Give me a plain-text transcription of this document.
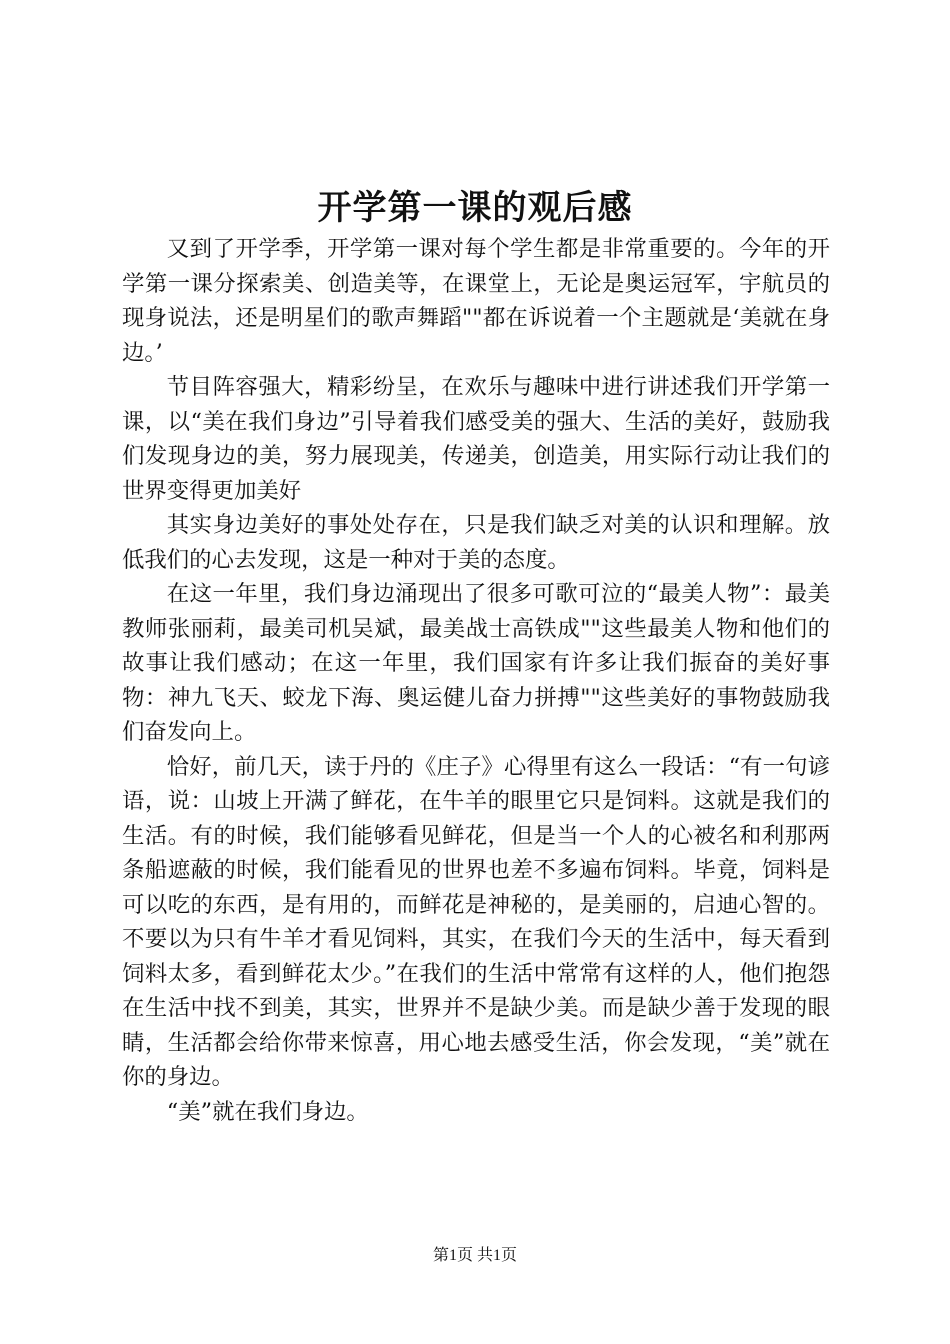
开学第一课的观后感

又到了开学季，开学第一课对每个学生都是非常重要的。今年的开学第一课分探索美、创造美等，在课堂上，无论是奥运冠军，宇航员的现身说法，还是明星们的歌声舞蹈""都在诉说着一个主题就是‘美就在身边。’

节目阵容强大，精彩纷呈，在欢乐与趣味中进行讲述我们开学第一课，以“美在我们身边”引导着我们感受美的强大、生活的美好，鼓励我们发现身边的美，努力展现美，传递美，创造美，用实际行动让我们的世界变得更加美好

其实身边美好的事处处存在，只是我们缺乏对美的认识和理解。放低我们的心去发现，这是一种对于美的态度。

在这一年里，我们身边涌现出了很多可歌可泣的“最美人物”：最美教师张丽莉，最美司机吴斌，最美战士高铁成""这些最美人物和他们的故事让我们感动；在这一年里，我们国家有许多让我们振奋的美好事物：神九飞天、蛟龙下海、奥运健儿奋力拼搏""这些美好的事物鼓励我们奋发向上。

恰好，前几天，读于丹的《庄子》心得里有这么一段话：“有一句谚语，说：山坡上开满了鲜花，在牛羊的眼里它只是饲料。这就是我们的生活。有的时候，我们能够看见鲜花，但是当一个人的心被名和利那两条船遮蔽的时候，我们能看见的世界也差不多遍布饲料。毕竟，饲料是可以吃的东西，是有用的，而鲜花是神秘的，是美丽的，启迪心智的。不要以为只有牛羊才看见饲料，其实，在我们今天的生活中，每天看到饲料太多，看到鲜花太少。”在我们的生活中常常有这样的人，他们抱怨在生活中找不到美，其实，世界并不是缺少美。而是缺少善于发现的眼睛，生活都会给你带来惊喜，用心地去感受生活，你会发现，“美”就在你的身边。

“美”就在我们身边。

第1页 共1页
